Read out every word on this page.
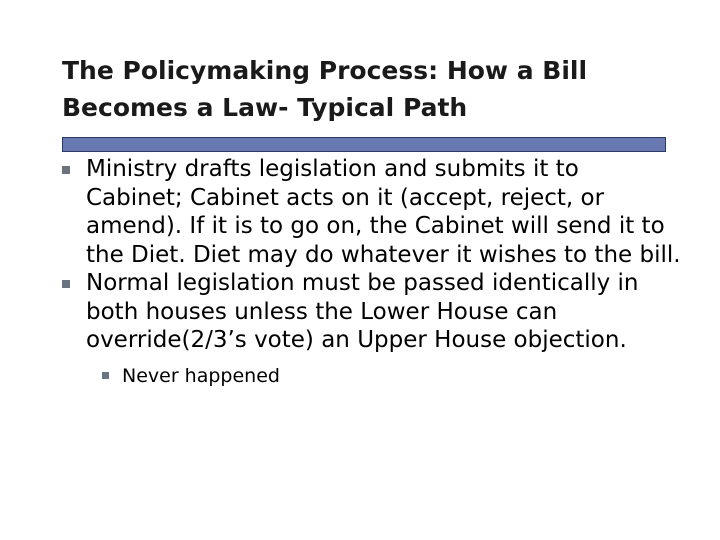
The Policymaking Process: How a Bill
Becomes a Law- Typical Path
Ministry drafts legislation and submits it to Cabinet; Cabinet acts on it (accept, reject, or amend). If it is to go on, the Cabinet will send it to the Diet. Diet may do whatever it wishes to the bill.
Normal legislation must be passed identically in both houses unless the Lower House can override(2/3’s vote) an Upper House objection.
Never happened
